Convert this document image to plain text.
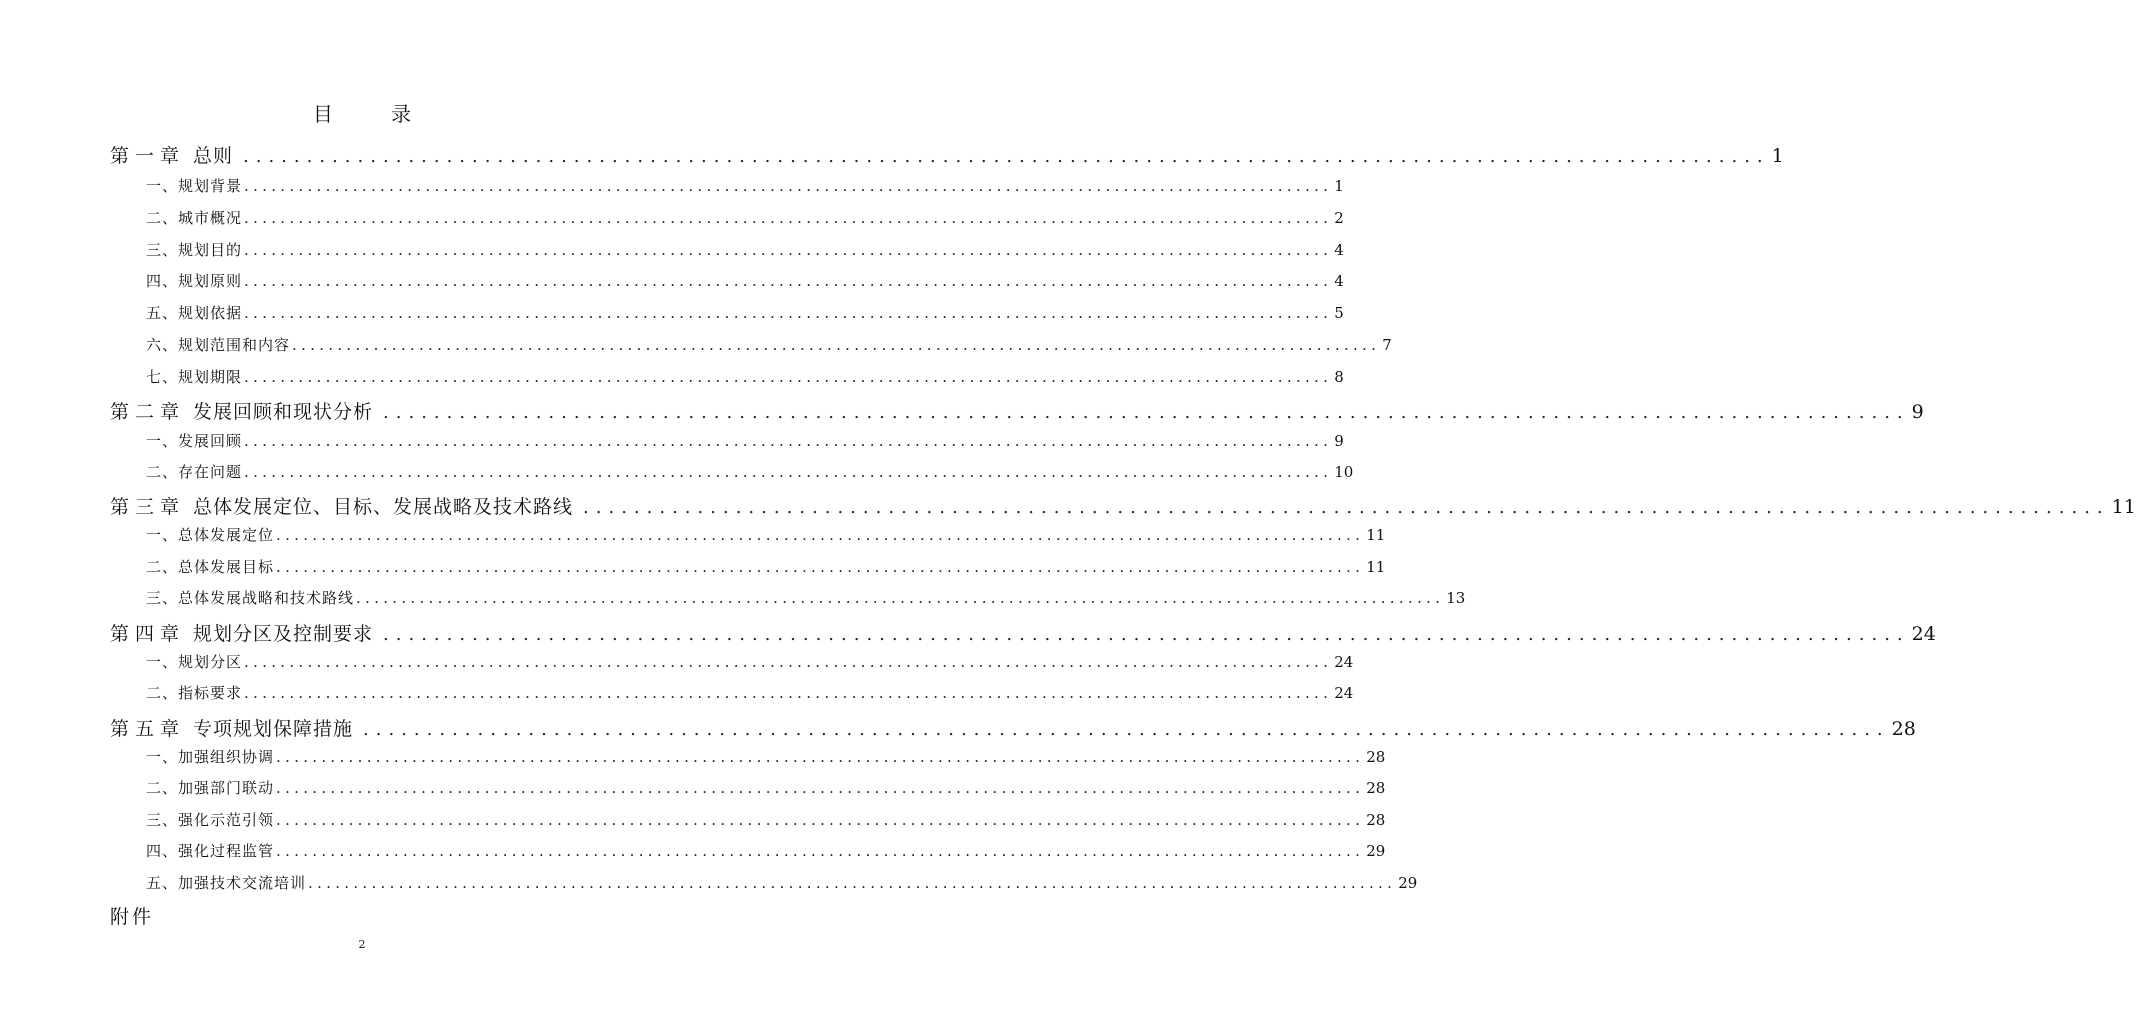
目 录
第一章 总则 ........................................................................................................................ 1
一、规划背景 ........................................................................................................................ 1
二、城市概况 ........................................................................................................................ 2
三、规划目的 ........................................................................................................................ 4
四、规划原则 ........................................................................................................................ 4
五、规划依据 ........................................................................................................................ 5
六、规划范围和内容 ........................................................................................................................ 7
七、规划期限 ........................................................................................................................ 8
第二章 发展回顾和现状分析 ........................................................................................................................ 9
一、发展回顾 ........................................................................................................................ 9
二、存在问题 ........................................................................................................................ 10
第三章 总体发展定位、目标、发展战略及技术路线 ........................................................................................................................ 11
一、总体发展定位 ........................................................................................................................ 11
二、总体发展目标 ........................................................................................................................ 11
三、总体发展战略和技术路线 ........................................................................................................................ 13
第四章 规划分区及控制要求 ........................................................................................................................ 24
一、规划分区 ........................................................................................................................ 24
二、指标要求 ........................................................................................................................ 24
第五章 专项规划保障措施 ........................................................................................................................ 28
一、加强组织协调 ........................................................................................................................ 28
二、加强部门联动 ........................................................................................................................ 28
三、强化示范引领 ........................................................................................................................ 28
四、强化过程监管 ........................................................................................................................ 29
五、加强技术交流培训 ........................................................................................................................ 29
附件
2
